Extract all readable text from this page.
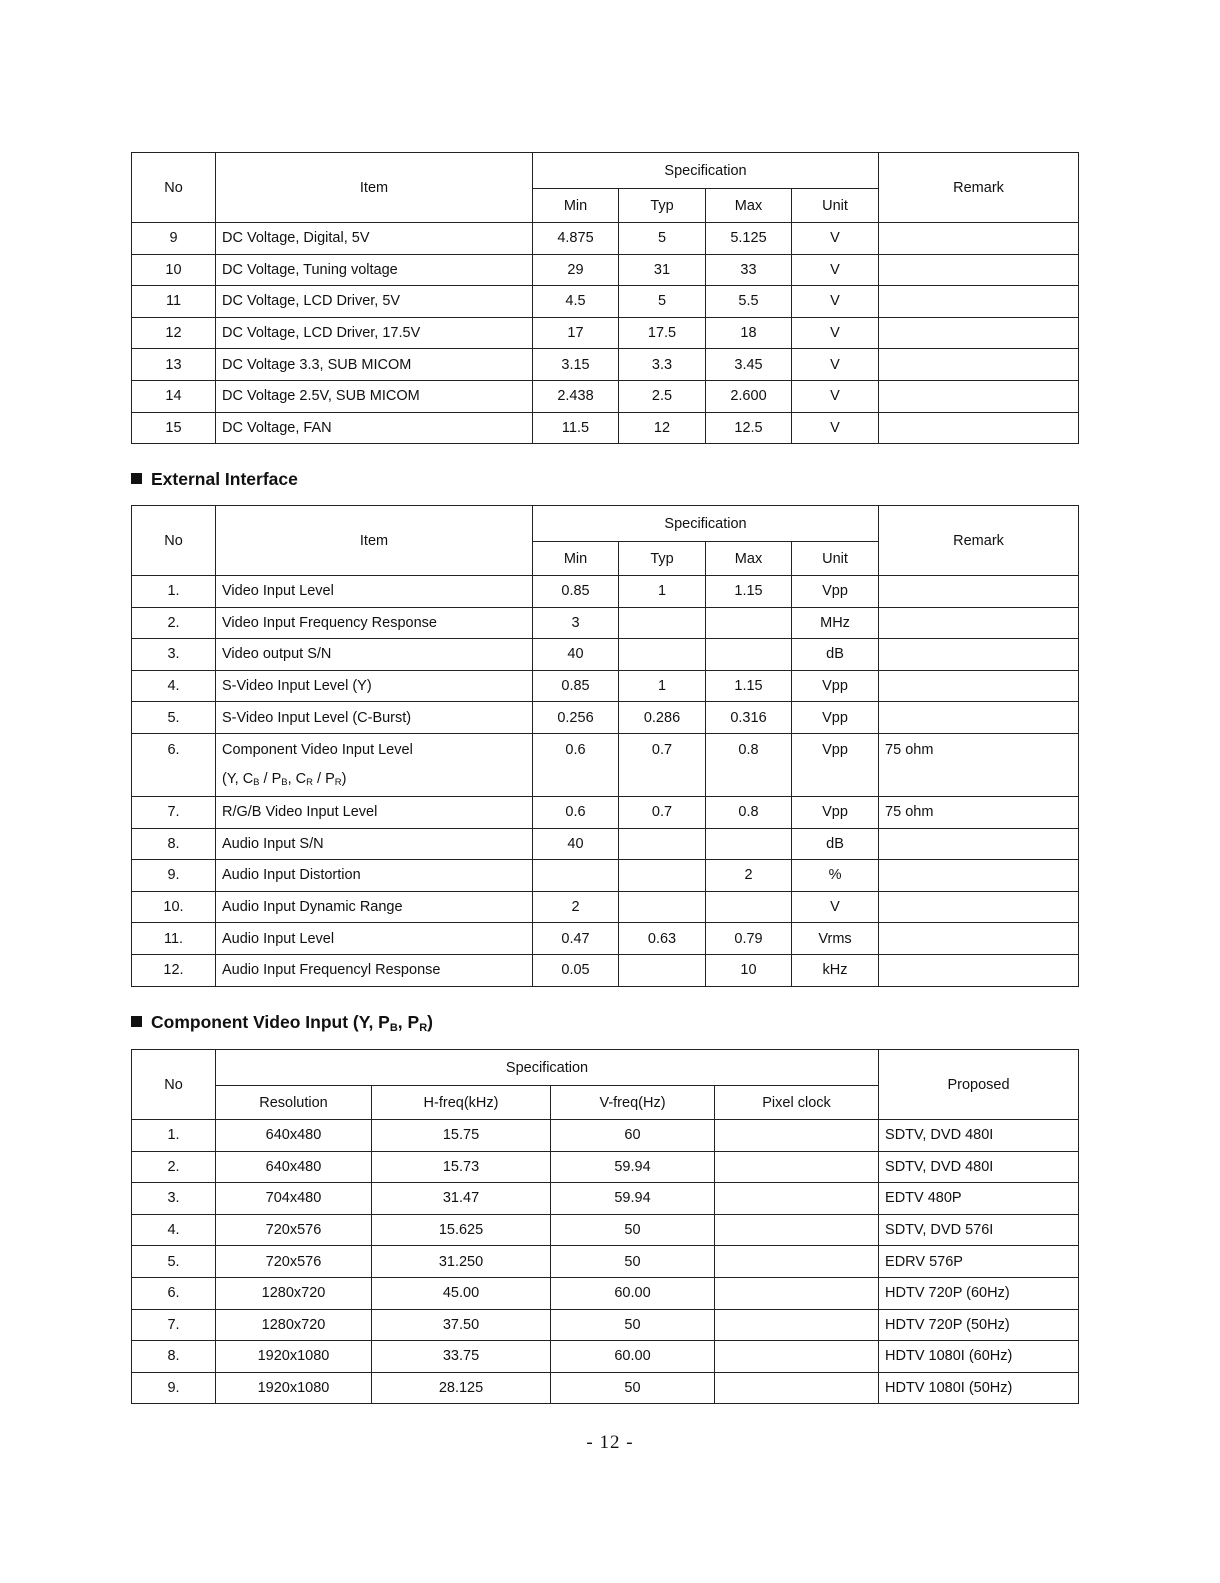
No	Item	Specification				Remark
		Min	Typ	Max	Unit	
9	DC Voltage, Digital, 5V	4.875	5	5.125	V	
10	DC Voltage, Tuning voltage	29	31	33	V	
11	DC Voltage, LCD Driver, 5V	4.5	5	5.5	V	
12	DC Voltage, LCD Driver, 17.5V	17	17.5	18	V	
13	DC Voltage 3.3, SUB MICOM	3.15	3.3	3.45	V	
14	DC Voltage 2.5V, SUB MICOM	2.438	2.5	2.600	V	
15	DC Voltage, FAN	11.5	12	12.5	V	
External Interface
No	Item	Specification				Remark
		Min	Typ	Max	Unit	
1.	Video Input Level	0.85	1	1.15	Vpp	
2.	Video Input Frequency Response	3			MHz	
3.	Video output S/N	40			dB	
4.	S-Video Input Level (Y)	0.85	1	1.15	Vpp	
5.	S-Video Input Level (C-Burst)	0.256	0.286	0.316	Vpp	
6.	Component Video Input Level
(Y, $C_B / P_B$, $C_R / P_R$)	0.6	0.7	0.8	Vpp	75 ohm
7.	R/G/B Video Input Level	0.6	0.7	0.8	Vpp	75 ohm
8.	Audio Input S/N	40			dB	
9.	Audio Input Distortion			2	%	
10.	Audio Input Dynamic Range	2			V	
11.	Audio Input Level	0.47	0.63	0.79	Vrms	
12.	Audio Input Frequencyl Response	0.05		10	kHz	
Component Video Input (Y, $P_B$, $P_R$)
No	Specification				Proposed
	Resolution	H-freq(kHz)	V-freq(Hz)	Pixel clock	
1.	640x480	15.75	60		SDTV, DVD 480I
2.	640x480	15.73	59.94		SDTV, DVD 480I
3.	704x480	31.47	59.94		EDTV 480P
4.	720x576	15.625	50		SDTV, DVD 576I
5.	720x576	31.250	50		EDRV 576P
6.	1280x720	45.00	60.00		HDTV 720P (60Hz)
7.	1280x720	37.50	50		HDTV 720P (50Hz)
8.	1920x1080	33.75	60.00		HDTV 1080I (60Hz)
9.	1920x1080	28.125	50		HDTV 1080I (50Hz)
- 12 -
